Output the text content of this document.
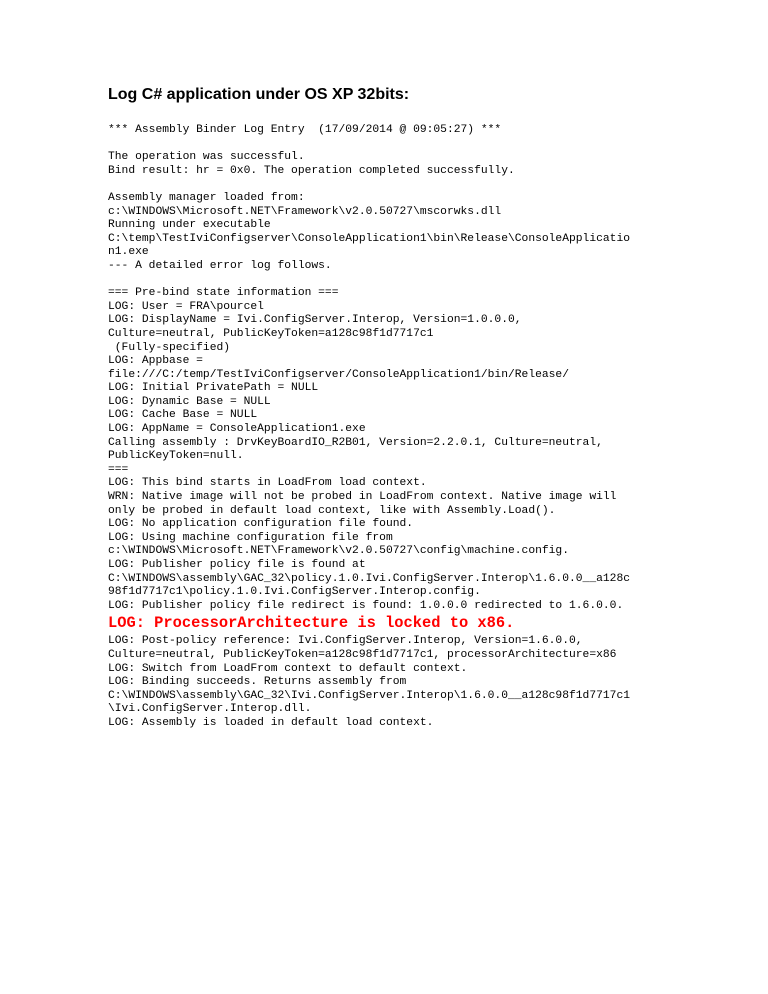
Log C# application under OS XP 32bits:
*** Assembly Binder Log Entry  (17/09/2014 @ 09:05:27) ***
The operation was successful.
Bind result: hr = 0x0. The operation completed successfully.
Assembly manager loaded from:
c:\WINDOWS\Microsoft.NET\Framework\v2.0.50727\mscorwks.dll
Running under executable
C:\temp\TestIviConfigserver\ConsoleApplication1\bin\Release\ConsoleApplicatio
n1.exe
--- A detailed error log follows.
=== Pre-bind state information ===
LOG: User = FRA\pourcel
LOG: DisplayName = Ivi.ConfigServer.Interop, Version=1.0.0.0,
Culture=neutral, PublicKeyToken=a128c98f1d7717c1
(Fully-specified)
LOG: Appbase =
file:///C:/temp/TestIviConfigserver/ConsoleApplication1/bin/Release/
LOG: Initial PrivatePath = NULL
LOG: Dynamic Base = NULL
LOG: Cache Base = NULL
LOG: AppName = ConsoleApplication1.exe
Calling assembly : DrvKeyBoardIO_R2B01, Version=2.2.0.1, Culture=neutral,
PublicKeyToken=null.
===
LOG: This bind starts in LoadFrom load context.
WRN: Native image will not be probed in LoadFrom context. Native image will
only be probed in default load context, like with Assembly.Load().
LOG: No application configuration file found.
LOG: Using machine configuration file from
c:\WINDOWS\Microsoft.NET\Framework\v2.0.50727\config\machine.config.
LOG: Publisher policy file is found at
C:\WINDOWS\assembly\GAC_32\policy.1.0.Ivi.ConfigServer.Interop\1.6.0.0__a128c
98f1d7717c1\policy.1.0.Ivi.ConfigServer.Interop.config.
LOG: Publisher policy file redirect is found: 1.0.0.0 redirected to 1.6.0.0.
LOG: ProcessorArchitecture is locked to x86.
LOG: Post-policy reference: Ivi.ConfigServer.Interop, Version=1.6.0.0,
Culture=neutral, PublicKeyToken=a128c98f1d7717c1, processorArchitecture=x86
LOG: Switch from LoadFrom context to default context.
LOG: Binding succeeds. Returns assembly from
C:\WINDOWS\assembly\GAC_32\Ivi.ConfigServer.Interop\1.6.0.0__a128c98f1d7717c1
\Ivi.ConfigServer.Interop.dll.
LOG: Assembly is loaded in default load context.
